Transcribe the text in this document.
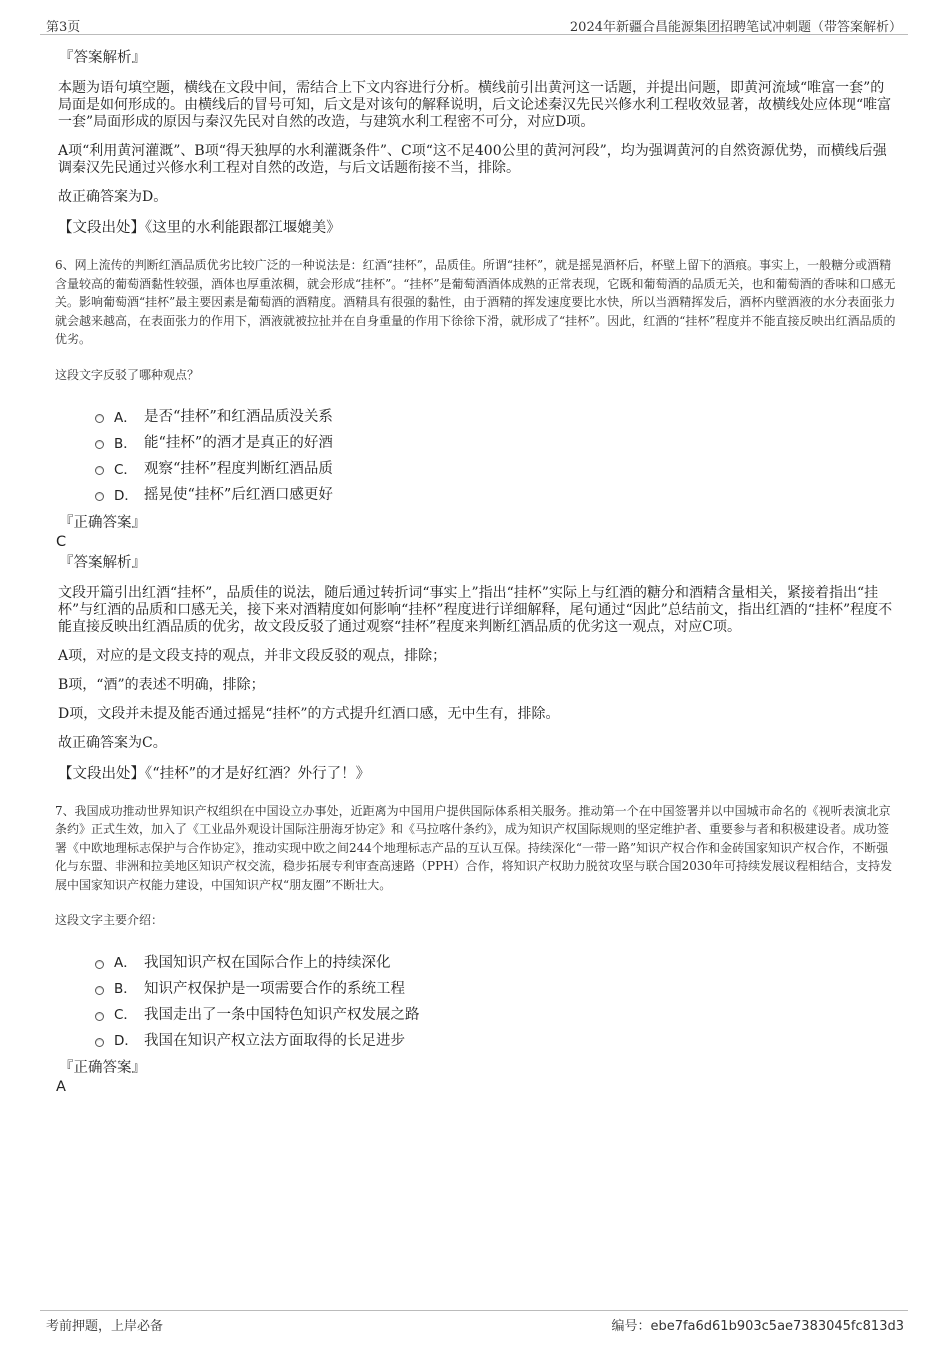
第3页	2024年新疆合昌能源集团招聘笔试冲刺题（带答案解析）
『答案解析』
本题为语句填空题，横线在文段中间，需结合上下文内容进行分析。横线前引出黄河这一话题，并提出问题，即黄河流域“唯富一套”的局面是如何形成的。由横线后的冒号可知，后文是对该句的解释说明，后文论述秦汉先民兴修水利工程收效显著，故横线处应体现“唯富一套”局面形成的原因与秦汉先民对自然的改造，与建筑水利工程密不可分，对应D项。
A项“利用黄河灌溉”、B项“得天独厚的水利灌溉条件”、C项“这不足400公里的黄河河段”，均为强调黄河的自然资源优势，而横线后强调秦汉先民通过兴修水利工程对自然的改造，与后文话题衔接不当，排除。
故正确答案为D。
【文段出处】《这里的水利能跟都江堰媲美》
6、网上流传的判断红酒品质优劣比较广泛的一种说法是：红酒“挂杯”，品质佳。所谓“挂杯”，就是摇晃酒杯后，杯壁上留下的酒痕。事实上，一般糖分或酒精含量较高的葡萄酒黏性较强，酒体也厚重浓稠，就会形成“挂杯”。“挂杯”是葡萄酒酒体成熟的正常表现，它既和葡萄酒的品质无关，也和葡萄酒的香味和口感无关。影响葡萄酒“挂杯”最主要因素是葡萄酒的酒精度。酒精具有很强的黏性，由于酒精的挥发速度要比水快，所以当酒精挥发后，酒杯内壁酒液的水分表面张力就会越来越高，在表面张力的作用下，酒液就被拉扯并在自身重量的作用下徐徐下滑，就形成了“挂杯”。因此，红酒的“挂杯”程度并不能直接反映出红酒品质的优劣。
这段文字反驳了哪种观点？
A． 是否“挂杯”和红酒品质没关系
B． 能“挂杯”的酒才是真正的好酒
C． 观察“挂杯”程度判断红酒品质
D． 摇晃使“挂杯”后红酒口感更好
『正确答案』
C
『答案解析』
文段开篇引出红酒“挂杯”，品质佳的说法，随后通过转折词“事实上”指出“挂杯”实际上与红酒的糖分和酒精含量相关，紧接着指出“挂杯”与红酒的品质和口感无关，接下来对酒精度如何影响“挂杯”程度进行详细解释，尾句通过“因此”总结前文，指出红酒的“挂杯”程度不能直接反映出红酒品质的优劣，故文段反驳了通过观察“挂杯”程度来判断红酒品质的优劣这一观点，对应C项。
A项，对应的是文段支持的观点，并非文段反驳的观点，排除；
B项，“酒”的表述不明确，排除；
D项，文段并未提及能否通过摇晃“挂杯”的方式提升红酒口感，无中生有，排除。
故正确答案为C。
【文段出处】《“挂杯”的才是好红酒？外行了！》
7、我国成功推动世界知识产权组织在中国设立办事处，近距离为中国用户提供国际体系相关服务。推动第一个在中国签署并以中国城市命名的《视听表演北京条约》正式生效，加入了《工业品外观设计国际注册海牙协定》和《马拉喀什条约》，成为知识产权国际规则的坚定维护者、重要参与者和积极建设者。成功签署《中欧地理标志保护与合作协定》，推动实现中欧之间244个地理标志产品的互认互保。持续深化“一带一路”知识产权合作和金砖国家知识产权合作，不断强化与东盟、非洲和拉美地区知识产权交流，稳步拓展专利审查高速路（PPH）合作，将知识产权助力脱贫攻坚与联合国2030年可持续发展议程相结合，支持发展中国家知识产权能力建设，中国知识产权“朋友圈”不断壮大。
这段文字主要介绍：
A． 我国知识产权在国际合作上的持续深化
B． 知识产权保护是一项需要合作的系统工程
C． 我国走出了一条中国特色知识产权发展之路
D． 我国在知识产权立法方面取得的长足进步
『正确答案』
A
考前押题，上岸必备	编号：ebe7fa6d61b903c5ae7383045fc813d3
